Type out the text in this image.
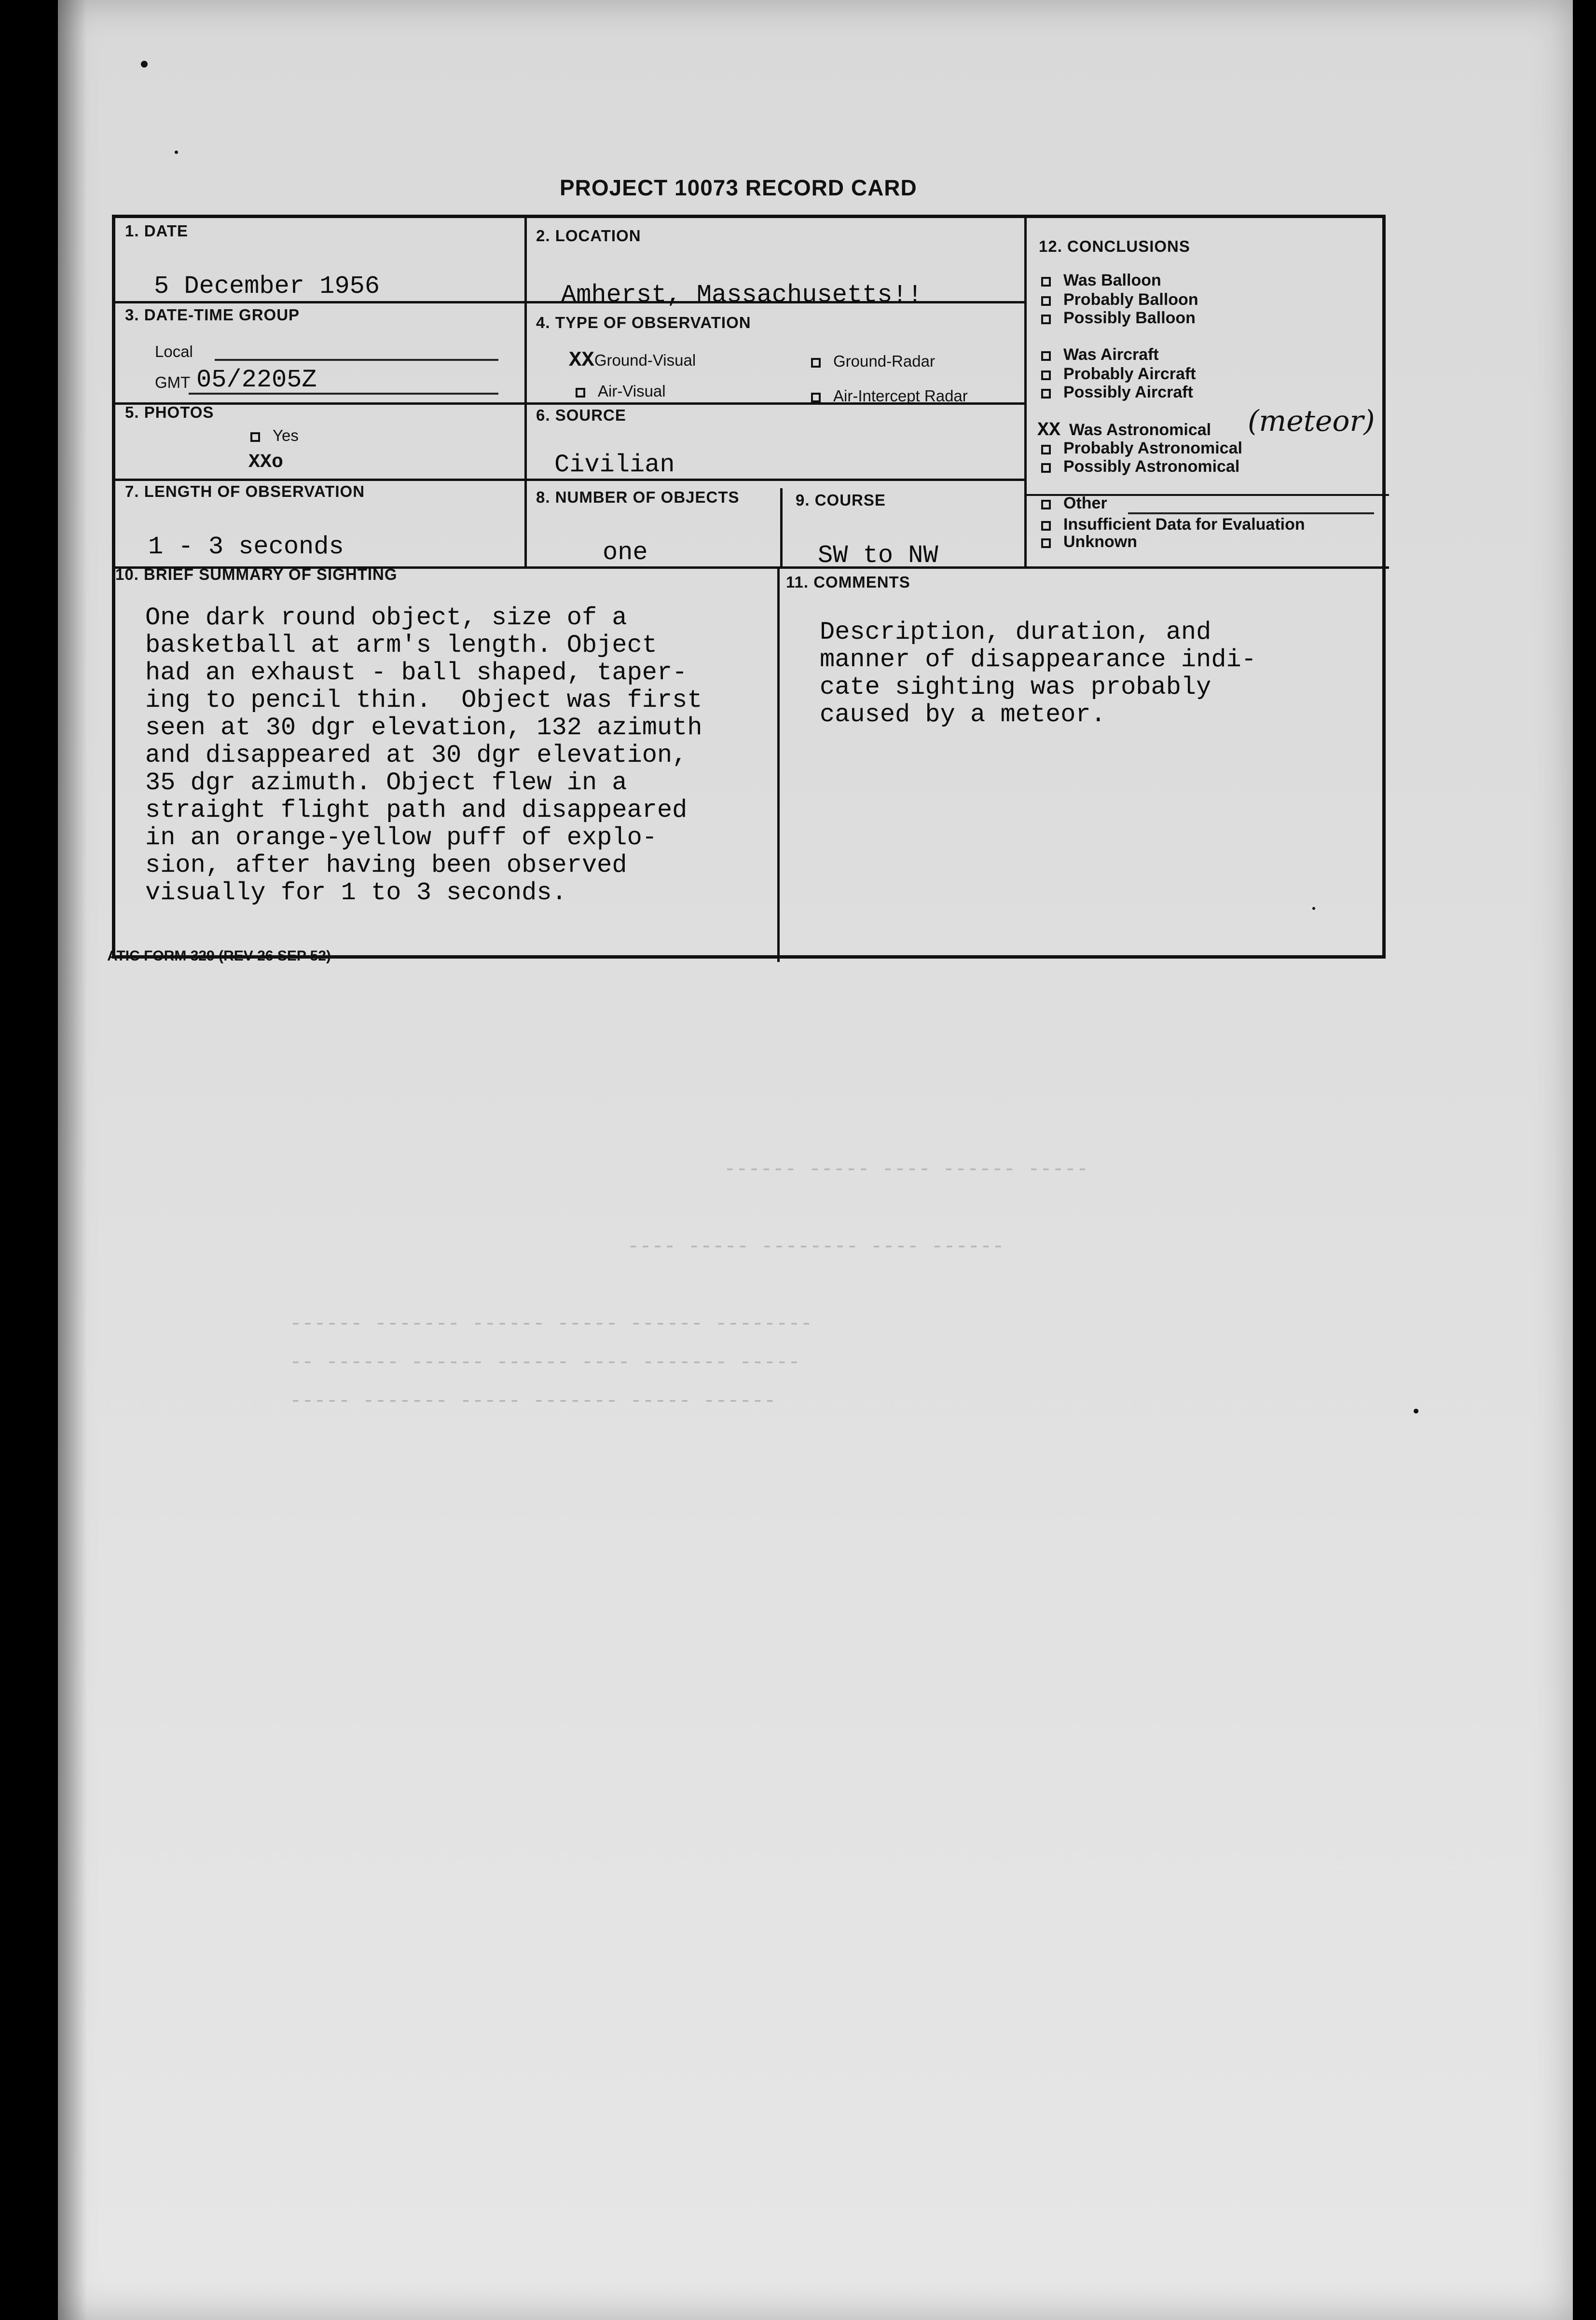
----- ------ ---- ----- ------
------ ---- -------- ----- ----
-------- ------ ----- ------ ------- ------
----- ------- ---- ------ ------ ------ --
------ ----- ------- ----- ------- -----
PROJECT 10073 RECORD CARD
1. DATE
5 December 1956
2. LOCATION
Amherst, Massachusetts!!
3. DATE-TIME GROUP
Local
GMT 05/2205Z
4. TYPE OF OBSERVATION
XXGround-Visual	Ground-Radar
Air-Visual	Air-Intercept Radar
5. PHOTOS
Yes
XXo
6. SOURCE
Civilian
7. LENGTH OF OBSERVATION
1 - 3 seconds
8. NUMBER OF OBJECTS
one
9. COURSE
SW to NW
10. BRIEF SUMMARY OF SIGHTING
One dark round object, size of a
basketball at arm's length. Object
had an exhaust - ball shaped, taper-
ing to pencil thin.  Object was first
seen at 30 dgr elevation, 132 azimuth
and disappeared at 30 dgr elevation,
35 dgr azimuth. Object flew in a
straight flight path and disappeared
in an orange-yellow puff of explo-
sion, after having been observed
visually for 1 to 3 seconds.
11. COMMENTS
Description, duration, and
manner of disappearance indi-
cate sighting was probably
caused by a meteor.
12. CONCLUSIONS
Was Balloon
Probably Balloon
Possibly Balloon
Was Aircraft
Probably Aircraft
Possibly Aircraft
XX Was Astronomical
Probably Astronomical
Possibly Astronomical
Other
Insufficient Data for Evaluation
Unknown
(meteor)
ATIC FORM 329 (REV 26 SEP 52)
